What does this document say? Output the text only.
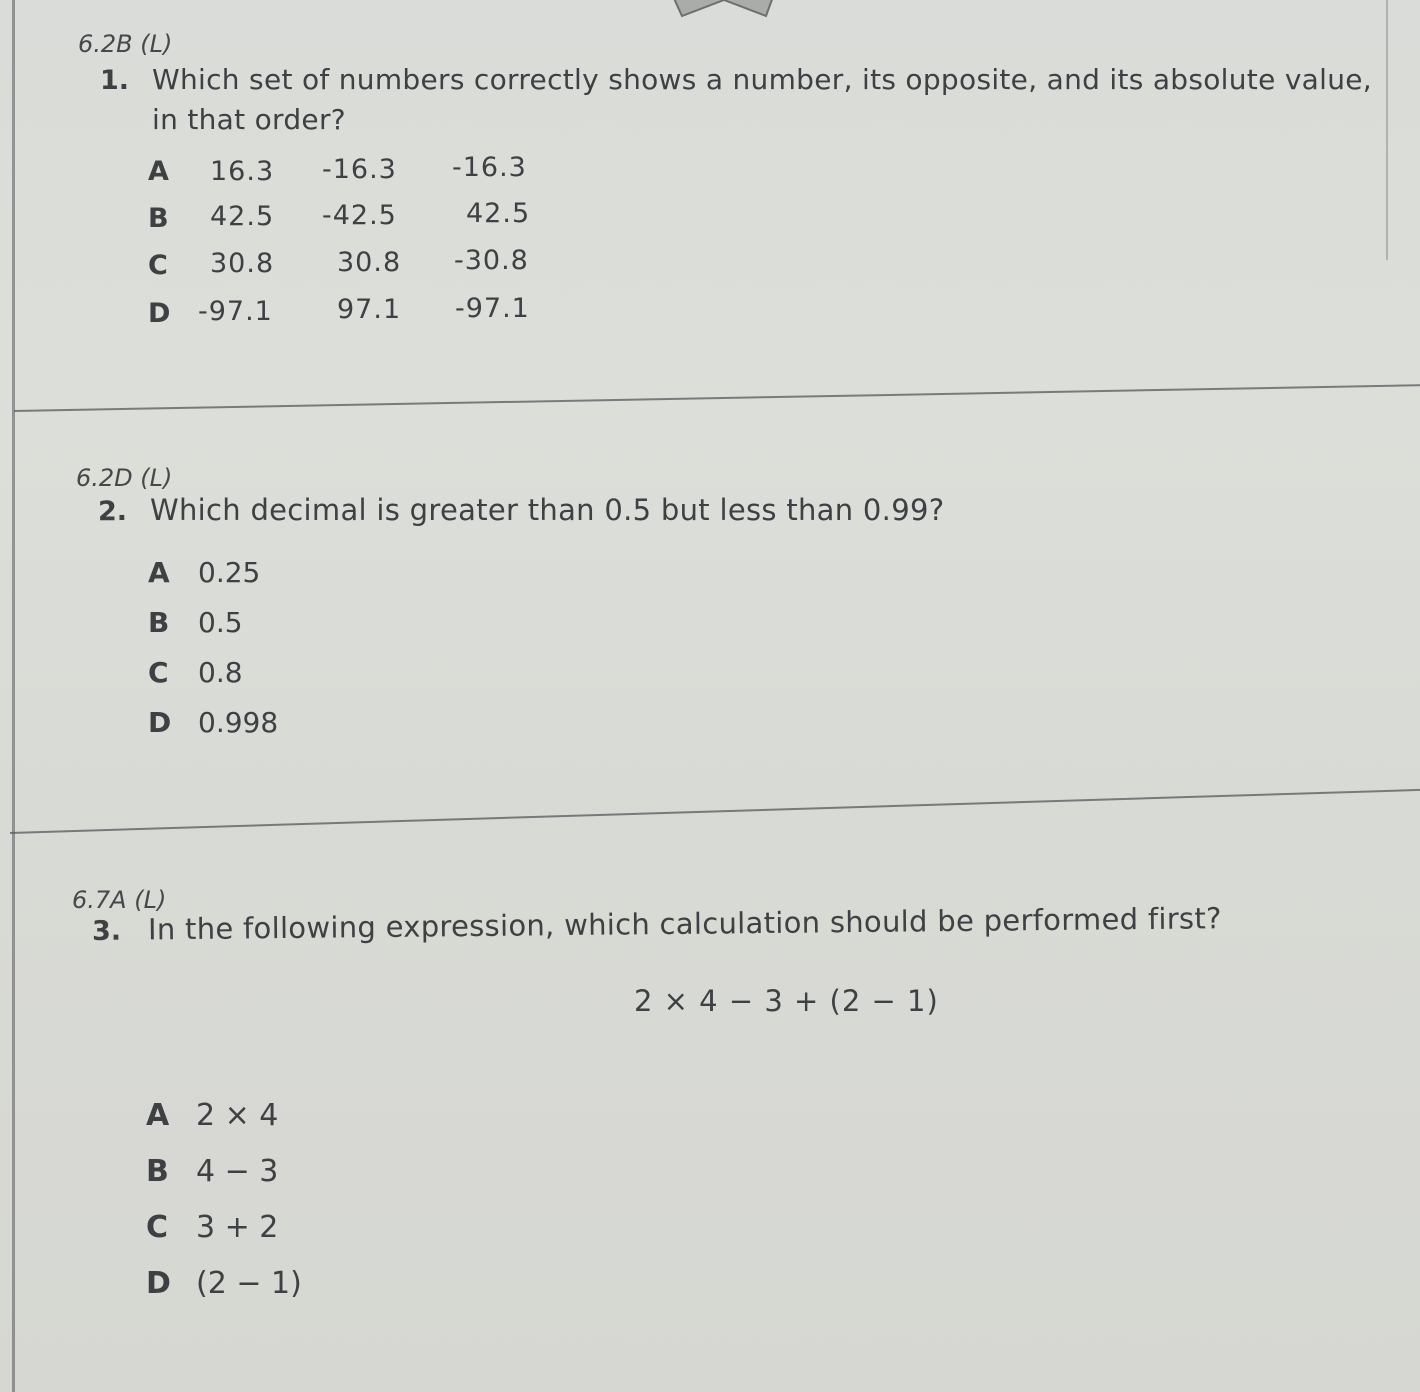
6.2B (L)
1. Which set of numbers correctly shows a number, its opposite, and its absolute value,
in that order?
A	16.3 -16.3 -16.3
B	42.5 -42.5	42.5
C	30.8 30.8 -30.8
D -97.1 97.1 -97.1
6.2D (L)
2. Which decimal is greater than 0.5 but less than 0.99?
A 0.25
B 0.5
C 0.8
D 0.998
6.7A (L)
3. In the following expression, which calculation should be performed first?
2 × 4 − 3 + (2 − 1)
A 2 × 4
B 4 − 3
C 3 + 2
D (2 − 1)
